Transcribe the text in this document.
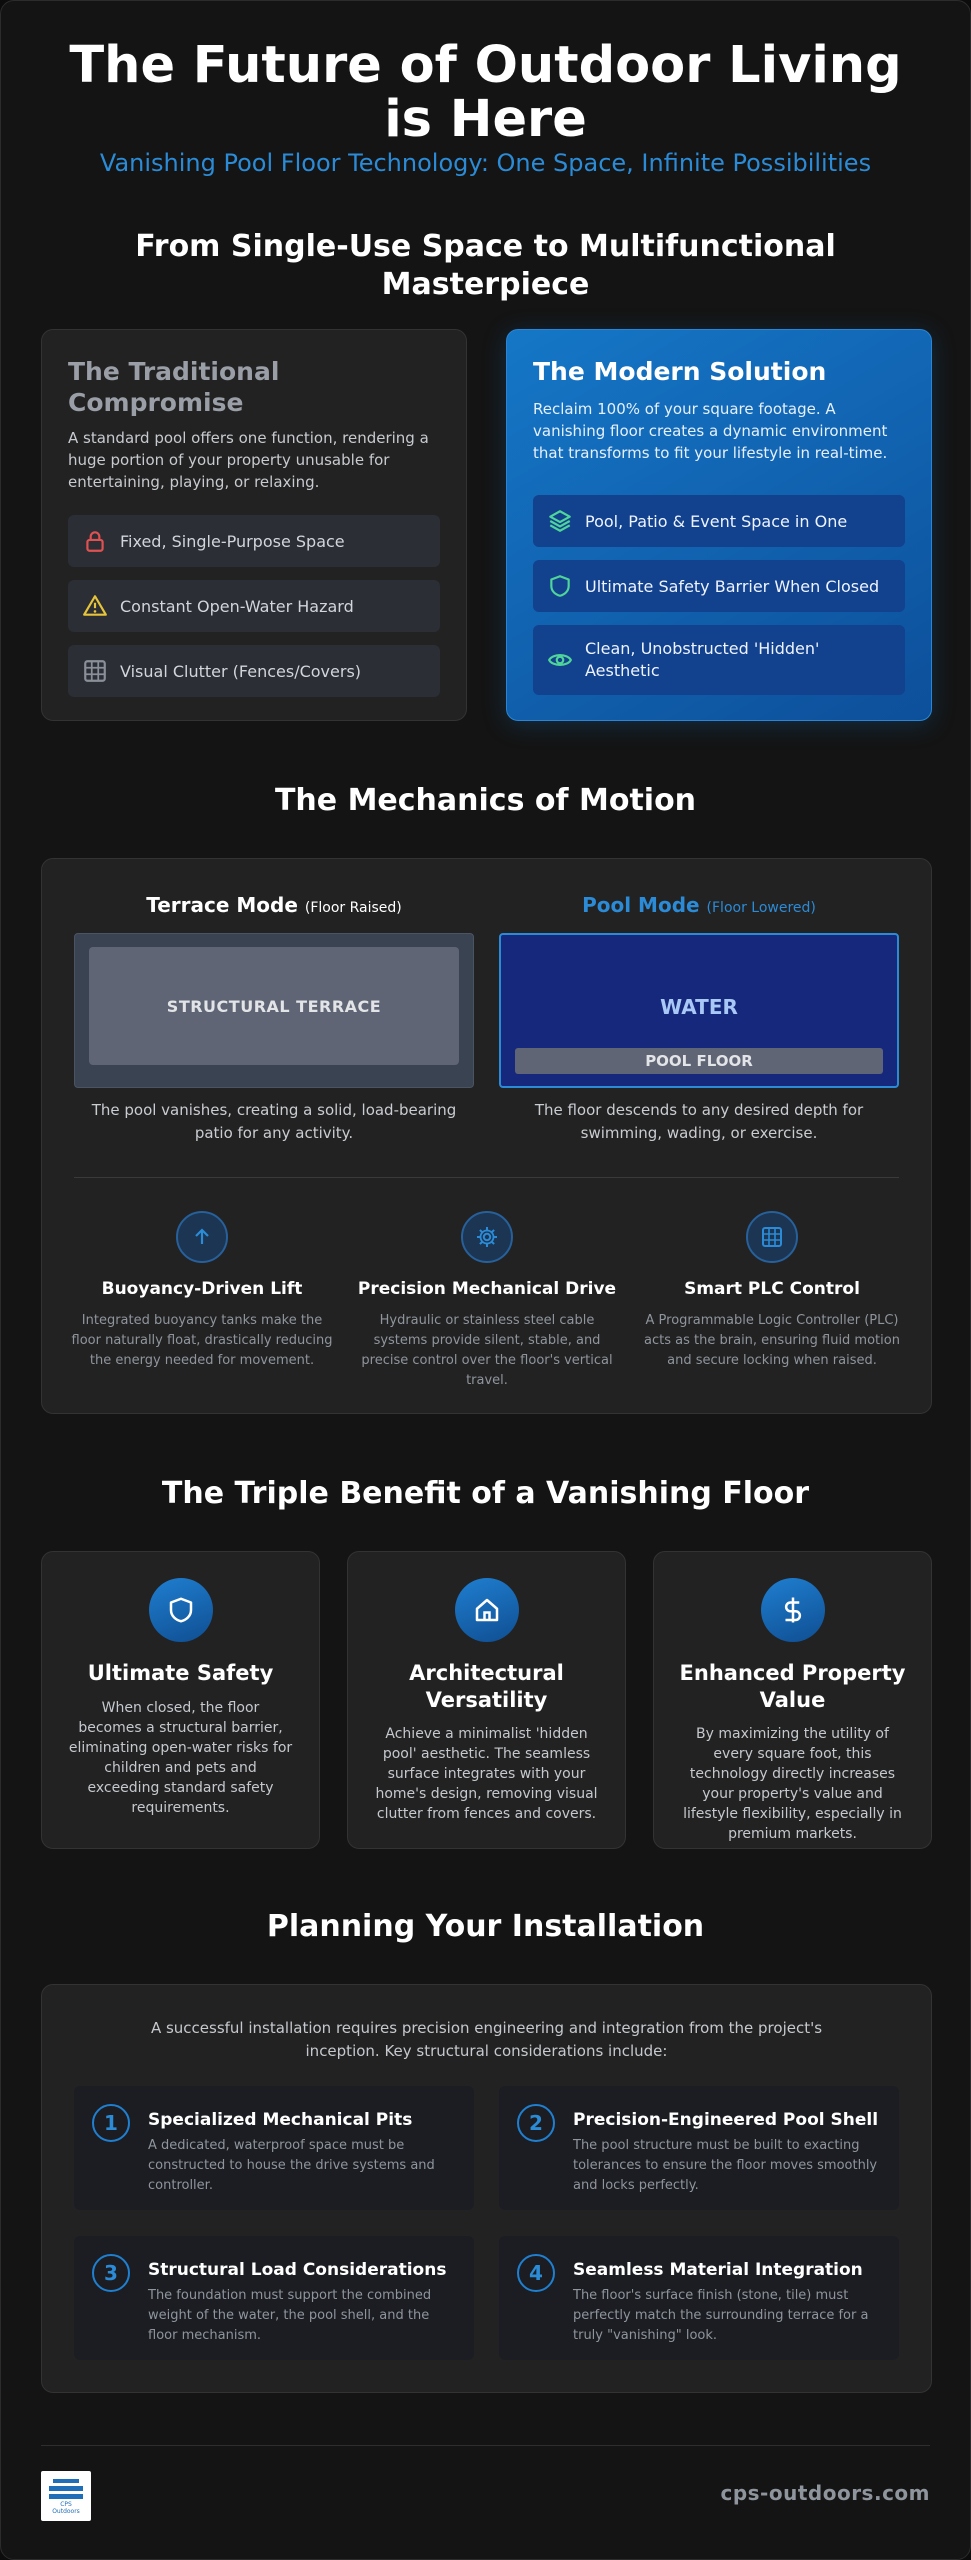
The Future of Outdoor Living is Here
Vanishing Pool Floor Technology: One Space, Infinite Possibilities
From Single-Use Space to Multifunctional Masterpiece
The Traditional Compromise
A standard pool offers one function, rendering a huge portion of your property unusable for entertaining, playing, or relaxing.
Fixed, Single-Purpose Space
Constant Open-Water Hazard
Visual Clutter (Fences/Covers)
The Modern Solution
Reclaim 100% of your square footage. A vanishing floor creates a dynamic environment that transforms to fit your lifestyle in real-time.
Pool, Patio & Event Space in One
Ultimate Safety Barrier When Closed
Clean, Unobstructed 'Hidden' Aesthetic
The Mechanics of Motion
Terrace Mode (Floor Raised)	Pool Mode (Floor Lowered)
STRUCTURAL TERRACE	WATER
POOL FLOOR
The pool vanishes, creating a solid, load-bearing patio for any activity.
The floor descends to any desired depth for swimming, wading, or exercise.
Buoyancy-Driven Lift
Integrated buoyancy tanks make the floor naturally float, drastically reducing the energy needed for movement.
Precision Mechanical Drive
Hydraulic or stainless steel cable systems provide silent, stable, and precise control over the floor's vertical travel.
Smart PLC Control
A Programmable Logic Controller (PLC) acts as the brain, ensuring fluid motion and secure locking when raised.
The Triple Benefit of a Vanishing Floor
Ultimate Safety
When closed, the floor becomes a structural barrier, eliminating open-water risks for children and pets and exceeding standard safety requirements.
Architectural Versatility
Achieve a minimalist 'hidden pool' aesthetic. The seamless surface integrates with your home's design, removing visual clutter from fences and covers.
Enhanced Property Value
By maximizing the utility of every square foot, this technology directly increases your property's value and lifestyle flexibility, especially in premium markets.
Planning Your Installation
A successful installation requires precision engineering and integration from the project's inception. Key structural considerations include:
1	Specialized Mechanical Pits
A dedicated, waterproof space must be constructed to house the drive systems and controller.
2	Precision-Engineered Pool Shell
The pool structure must be built to exacting tolerances to ensure the floor moves smoothly and locks perfectly.
3	Structural Load Considerations
The foundation must support the combined weight of the water, the pool shell, and the floor mechanism.
4	Seamless Material Integration
The floor's surface finish (stone, tile) must perfectly match the surrounding terrace for a truly "vanishing" look.
CPS Outdoors
cps-outdoors.com
